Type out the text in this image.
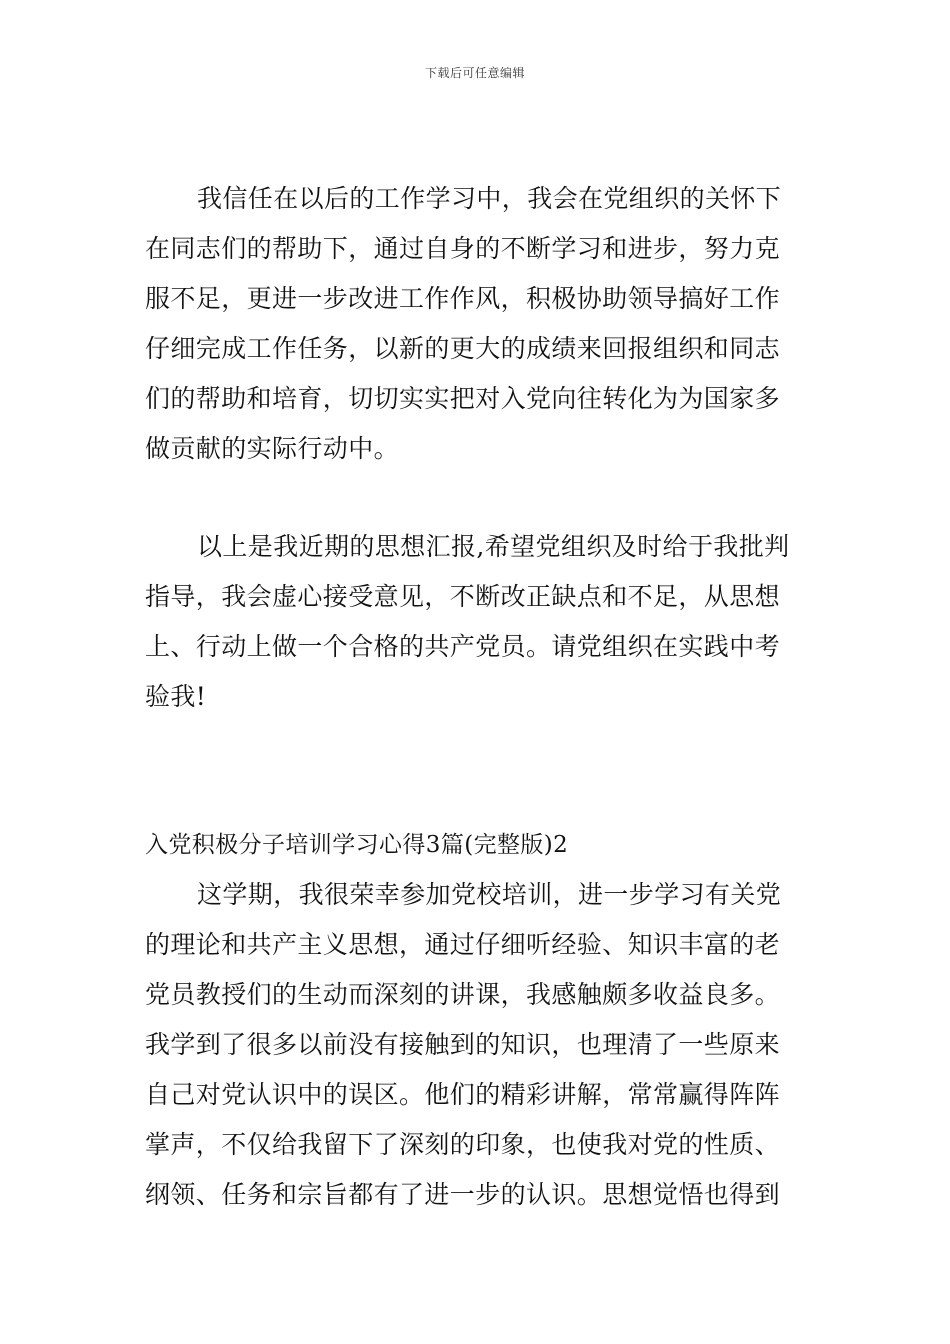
下载后可任意编辑
我信任在以后的工作学习中，我会在党组织的关怀下
在同志们的帮助下，通过自身的不断学习和进步，努力克
服不足，更进一步改进工作作风，积极协助领导搞好工作
仔细完成工作任务，以新的更大的成绩来回报组织和同志
们的帮助和培育，切切实实把对入党向往转化为为国家多
做贡献的实际行动中。
以上是我近期的思想汇报,希望党组织及时给于我批判
指导，我会虚心接受意见，不断改正缺点和不足，从思想
上、行动上做一个合格的共产党员。请党组织在实践中考
验我!
入党积极分子培训学习心得3篇(完整版)2
这学期，我很荣幸参加党校培训，进一步学习有关党
的理论和共产主义思想，通过仔细听经验、知识丰富的老
党员教授们的生动而深刻的讲课，我感触颇多收益良多。
我学到了很多以前没有接触到的知识，也理清了一些原来
自己对党认识中的误区。他们的精彩讲解，常常赢得阵阵
掌声，不仅给我留下了深刻的印象，也使我对党的性质、
纲领、任务和宗旨都有了进一步的认识。思想觉悟也得到
